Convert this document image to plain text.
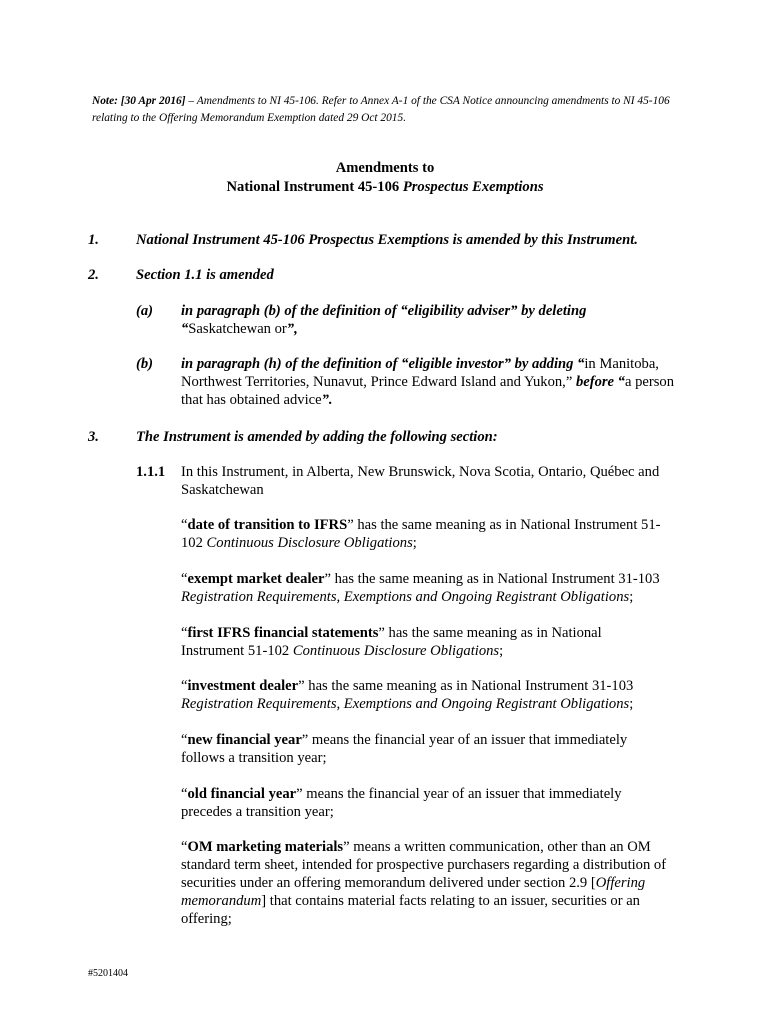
Note: [30 Apr 2016] – Amendments to NI 45-106. Refer to Annex A-1 of the CSA Notice announcing amendments to NI 45-106 relating to the Offering Memorandum Exemption dated 29 Oct 2015.
Amendments to
National Instrument 45-106 Prospectus Exemptions
1.	National Instrument 45-106 Prospectus Exemptions is amended by this Instrument.
2.	Section 1.1 is amended
(a) in paragraph (b) of the definition of “eligibility adviser” by deleting
“Saskatchewan or”,
(b) in paragraph (h) of the definition of “eligible investor” by adding “in Manitoba, Northwest Territories, Nunavut, Prince Edward Island and Yukon,” before “a person that has obtained advice”.
3.	The Instrument is amended by adding the following section:
1.1.1 In this Instrument, in Alberta, New Brunswick, Nova Scotia, Ontario, Québec and Saskatchewan
“date of transition to IFRS” has the same meaning as in National Instrument 51-102 Continuous Disclosure Obligations;
“exempt market dealer” has the same meaning as in National Instrument 31-103 Registration Requirements, Exemptions and Ongoing Registrant Obligations;
“first IFRS financial statements” has the same meaning as in National Instrument 51-102 Continuous Disclosure Obligations;
“investment dealer” has the same meaning as in National Instrument 31-103 Registration Requirements, Exemptions and Ongoing Registrant Obligations;
“new financial year” means the financial year of an issuer that immediately follows a transition year;
“old financial year” means the financial year of an issuer that immediately precedes a transition year;
“OM marketing materials” means a written communication, other than an OM standard term sheet, intended for prospective purchasers regarding a distribution of securities under an offering memorandum delivered under section 2.9 [Offering memorandum] that contains material facts relating to an issuer, securities or an offering;
#5201404
